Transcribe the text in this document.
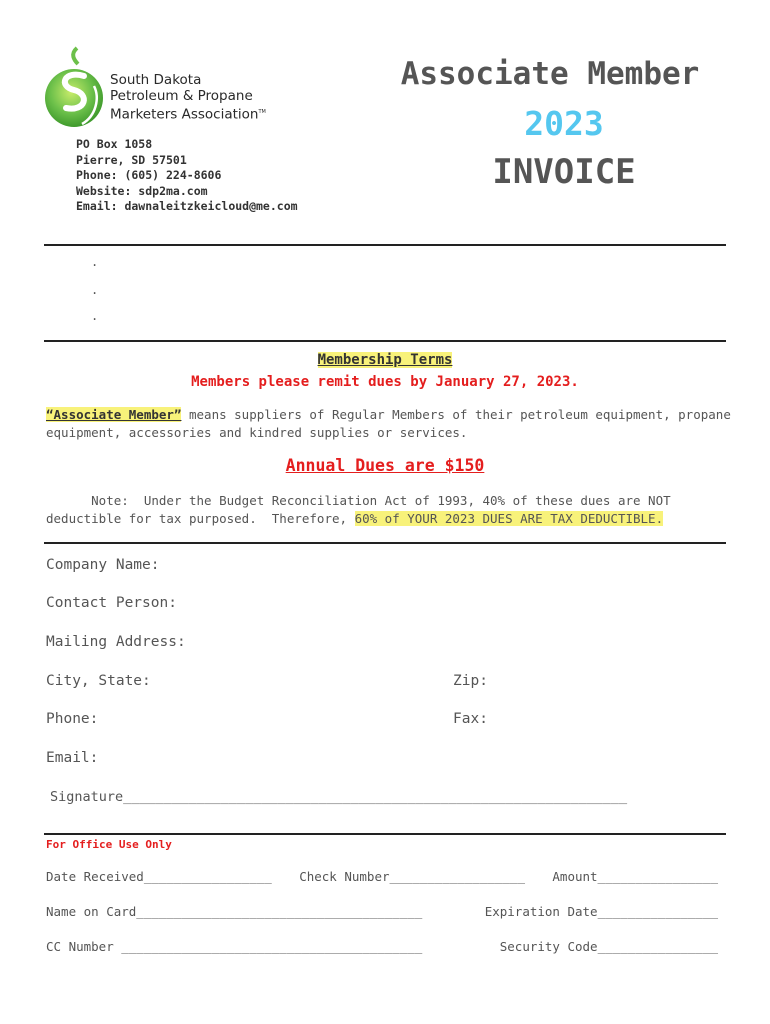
South Dakota
Petroleum & Propane
Marketers Association™
PO Box 1058
Pierre, SD 57501
Phone: (605) 224-8606
Website: sdp2ma.com
Email: dawnaleitzkeicloud@me.com
Associate Member
2023
INVOICE
.
.
.
Membership Terms
Members please remit dues by January 27, 2023.
“Associate Member” means suppliers of Regular Members of their petroleum equipment, propane equipment, accessories and kindred supplies or services.
Annual Dues are $150
Note:  Under the Budget Reconciliation Act of 1993, 40% of these dues are NOT deductible for tax purposed.  Therefore, 60% of YOUR 2023 DUES ARE TAX DEDUCTIBLE.
Company Name:
Contact Person:
Mailing Address:
City, State:	Zip:
Phone:	Fax:
Email:
Signature______________________________________________________________
For Office Use Only
Date Received_________________ Check Number__________________ Amount________________
Name on Card______________________________________	Expiration Date________________
CC Number ________________________________________	Security Code________________
